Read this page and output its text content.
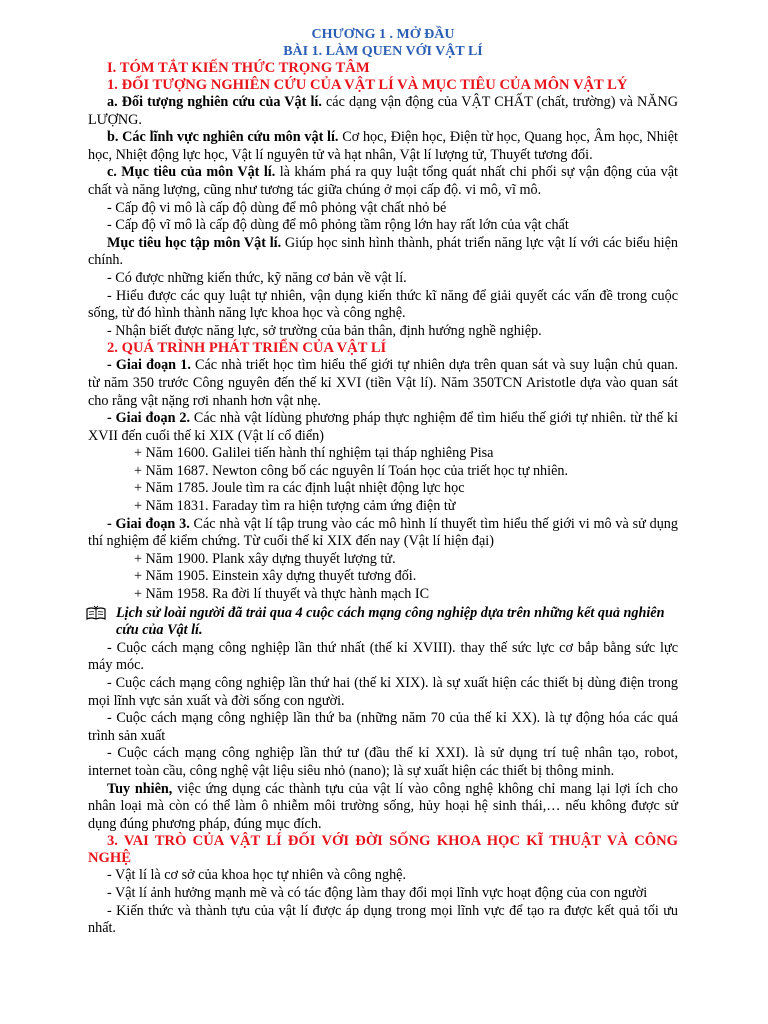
CHƯƠNG 1 . MỞ ĐẦU
BÀI 1. LÀM QUEN VỚI VẬT LÍ
I. TÓM TẮT KIẾN THỨC TRỌNG TÂM
1. ĐỐI TƯỢNG NGHIÊN CỨU CỦA VẬT LÍ VÀ MỤC TIÊU CỦA MÔN VẬT LÝ
a. Đối tượng nghiên cứu của Vật lí. các dạng vận động của VẬT CHẤT (chất, trường) và NĂNG LƯỢNG.
b. Các lĩnh vực nghiên cứu môn vật lí. Cơ học, Điện học, Điện từ học, Quang học, Âm học, Nhiệt học, Nhiệt động lực học, Vật lí nguyên tử và hạt nhân, Vật lí lượng tử, Thuyết tương đối.
c. Mục tiêu của môn Vật lí. là khám phá ra quy luật tổng quát nhất chi phối sự vận động của vật chất và năng lượng, cũng như tương tác giữa chúng ở mọi cấp độ. vi mô, vĩ mô.
- Cấp độ vi mô là cấp độ dùng để mô phỏng vật chất nhỏ bé
- Cấp độ vĩ mô là cấp độ dùng để mô phỏng tầm rộng lớn hay rất lớn của vật chất
Mục tiêu học tập môn Vật lí. Giúp học sinh hình thành, phát triển năng lực vật lí với các biểu hiện chính.
- Có được những kiến thức, kỹ năng cơ bản về vật lí.
- Hiểu được các quy luật tự nhiên, vận dụng kiến thức kĩ năng để giải quyết các vấn đề trong cuộc sống, từ đó hình thành năng lực khoa học và công nghệ.
- Nhận biết được năng lực, sở trường của bản thân, định hướng nghề nghiệp.
2. QUÁ TRÌNH PHÁT TRIỂN CỦA VẬT LÍ
- Giai đoạn 1. Các nhà triết học tìm hiểu thế giới tự nhiên dựa trên quan sát và suy luận chủ quan. từ năm 350 trước Công nguyên đến thế kỉ XVI (tiền Vật lí). Năm 350TCN Aristotle dựa vào quan sát cho rằng vật nặng rơi nhanh hơn vật nhẹ.
- Giai đoạn 2. Các nhà vật lídùng phương pháp thực nghiệm để tìm hiểu thế giới tự nhiên. từ thế kỉ XVII đến cuối thế kỉ XIX (Vật lí cổ điển)
+ Năm 1600. Galilei tiến hành thí nghiệm tại tháp nghiêng Pisa
+ Năm 1687. Newton công bố các nguyên lí Toán học của triết học tự nhiên.
+ Năm 1785. Joule tìm ra các định luật nhiệt động lực học
+ Năm 1831. Faraday tìm ra hiện tượng cảm ứng điện từ
- Giai đoạn 3. Các nhà vật lí tập trung vào các mô hình lí thuyết tìm hiểu thế giới vi mô và sử dụng thí nghiệm để kiểm chứng. Từ cuối thế kỉ XIX đến nay (Vật lí hiện đại)
+ Năm 1900. Plank xây dựng thuyết lượng tử.
+ Năm 1905. Einstein xây dựng thuyết tương đối.
+ Năm 1958. Ra đời lí thuyết và thực hành mạch IC
Lịch sử loài người đã trải qua 4 cuộc cách mạng công nghiệp dựa trên những kết quả nghiên cứu của Vật lí.
- Cuộc cách mạng công nghiệp lần thứ nhất (thế kỉ XVIII). thay thế sức lực cơ bắp bằng sức lực máy móc.
- Cuộc cách mạng công nghiệp lần thứ hai (thế kỉ XIX). là sự xuất hiện các thiết bị dùng điện trong mọi lĩnh vực sản xuất và đời sống con người.
- Cuộc cách mạng công nghiệp lần thứ ba (những năm 70 của thế kỉ XX). là tự động hóa các quá trình sản xuất
- Cuộc cách mạng công nghiệp lần thứ tư (đầu thế kỉ XXI). là sử dụng trí tuệ nhân tạo, robot, internet toàn cầu, công nghệ vật liệu siêu nhỏ (nano); là sự xuất hiện các thiết bị thông minh.
Tuy nhiên, việc ứng dụng các thành tựu của vật lí vào công nghệ không chỉ mang lại lợi ích cho nhân loại mà còn có thể làm ô nhiễm môi trường sống, hủy hoại hệ sinh thái,… nếu không được sử dụng đúng phương pháp, đúng mục đích.
3. VAI TRÒ CỦA VẬT LÍ ĐỐI VỚI ĐỜI SỐNG KHOA HỌC KĨ THUẬT VÀ CÔNG NGHỆ
- Vật lí là cơ sở của khoa học tự nhiên và công nghệ.
- Vật lí ảnh hưởng mạnh mẽ và có tác động làm thay đổi mọi lĩnh vực hoạt động của con người
- Kiến thức và thành tựu của vật lí được áp dụng trong mọi lĩnh vực để tạo ra được kết quả tối ưu nhất.
